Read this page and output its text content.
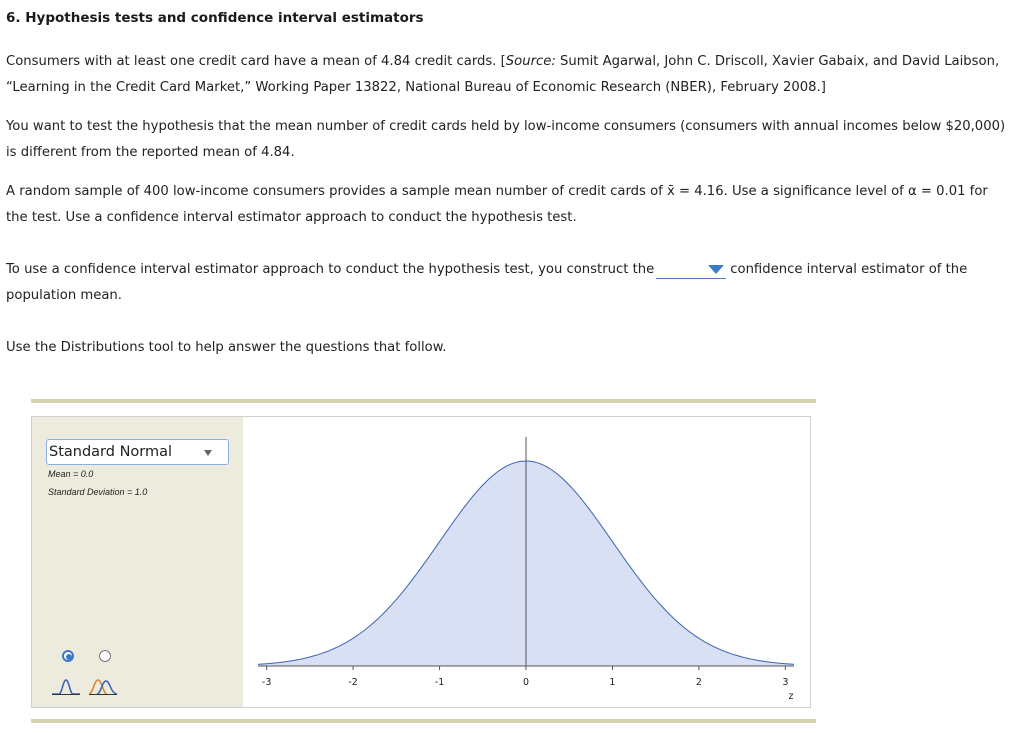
6. Hypothesis tests and confidence interval estimators
Consumers with at least one credit card have a mean of 4.84 credit cards. [Source: Sumit Agarwal, John C. Driscoll, Xavier Gabaix, and David Laibson, “Learning in the Credit Card Market,” Working Paper 13822, National Bureau of Economic Research (NBER), February 2008.]
You want to test the hypothesis that the mean number of credit cards held by low-income consumers (consumers with annual incomes below $20,000) is different from the reported mean of 4.84.
A random sample of 400 low-income consumers provides a sample mean number of credit cards of x̄ = 4.16. Use a significance level of α = 0.01 for the test. Use a confidence interval estimator approach to conduct the hypothesis test.
To use a confidence interval estimator approach to conduct the hypothesis test, you construct the	confidence interval estimator of the population mean.
Use the Distributions tool to help answer the questions that follow.
Standard Normal
Mean = 0.0
Standard Deviation = 1.0
-3	-2	-1	0	1	2	3
z
